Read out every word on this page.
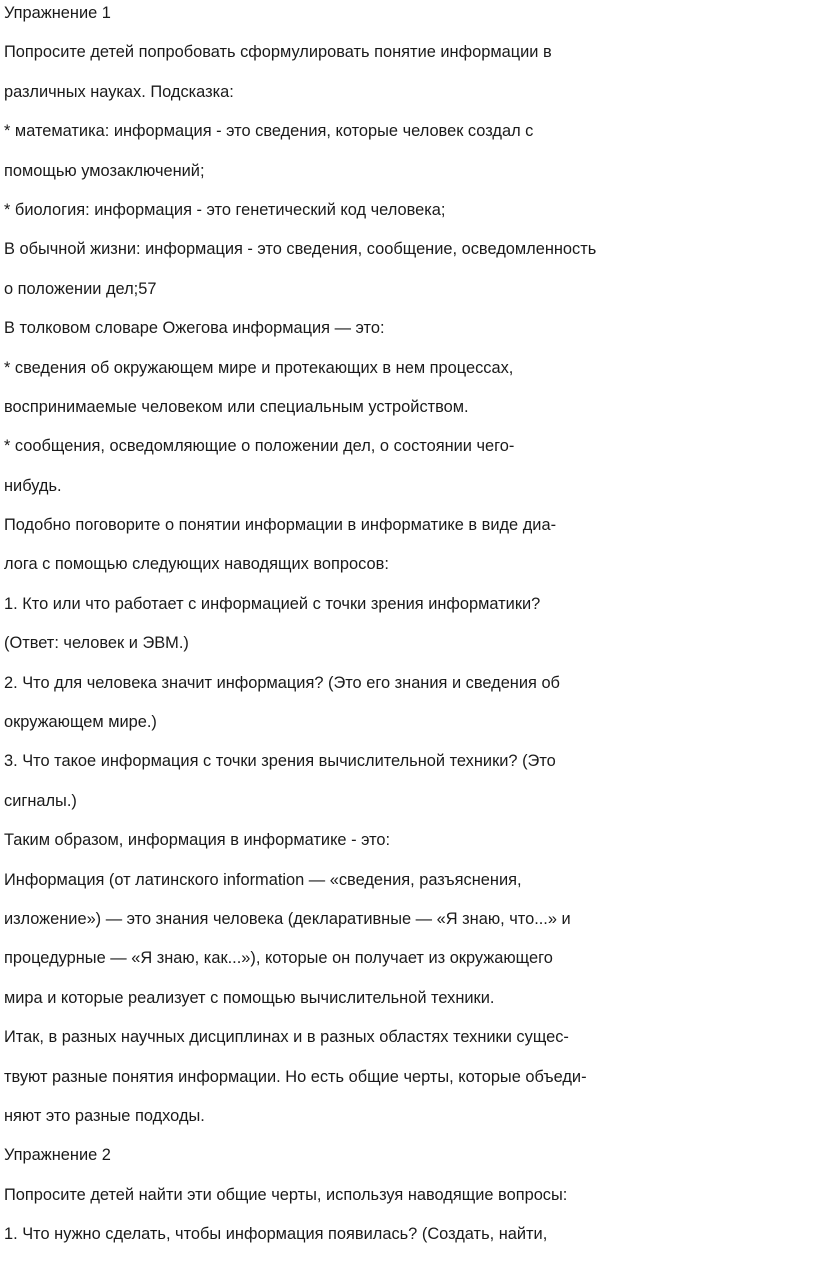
Упражнение 1

Попросите детей попробовать сформулировать понятие информации в

различных науках. Подсказка:

* математика: информация - это сведения, которые человек создал с

помощью умозаключений;

* биология: информация - это генетический код человека;

В обычной жизни: информация - это сведения, сообщение, осведомленность

о положении дел;57

В толковом словаре Ожегова информация — это:

* сведения об окружающем мире и протекающих в нем процессах,

воспринимаемые человеком или специальным устройством.

* сообщения, осведомляющие о положении дел, о состоянии чего-

нибудь.

Подобно поговорите о понятии информации в информатике в виде диа-

лога с помощью следующих наводящих вопросов:

1. Кто или что работает с информацией с точки зрения информатики?

(Ответ: человек и ЭВМ.)

2. Что для человека значит информация? (Это его знания и сведения об

окружающем мире.)

3. Что такое информация с точки зрения вычислительной техники? (Это

сигналы.)

Таким образом, информация в информатике - это:

Информация (от латинского information — «сведения, разъяснения,

изложение») — это знания человека (декларативные — «Я знаю, что...» и

процедурные — «Я знаю, как...»), которые он получает из окружающего

мира и которые реализует с помощью вычислительной техники.

Итак, в разных научных дисциплинах и в разных областях техники сущес-

твуют разные понятия информации. Но есть общие черты, которые объеди-

няют это разные подходы.

Упражнение 2

Попросите детей найти эти общие черты, используя наводящие вопросы:

1. Что нужно сделать, чтобы информация появилась? (Создать, найти,
